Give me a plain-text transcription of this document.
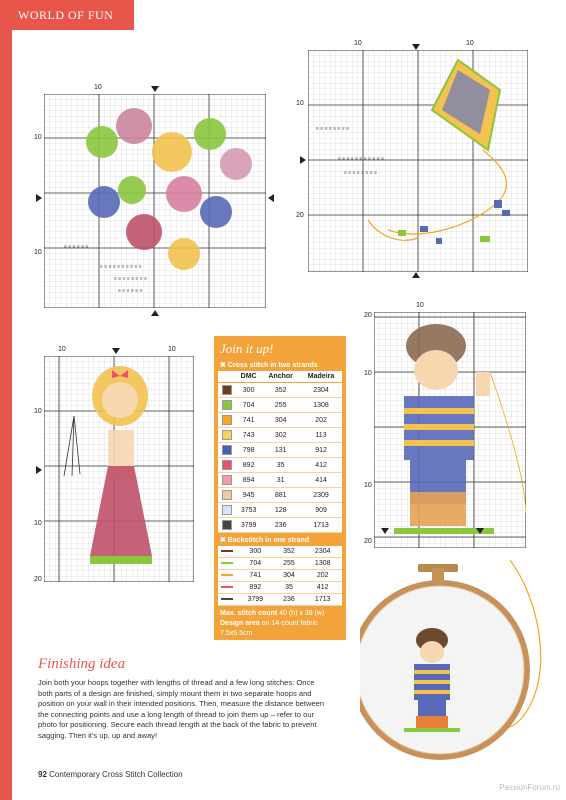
WORLD OF FUN
≡ ≡ ≡ ≡ ≡ ≡
≡ ≡ ≡ ≡ ≡ ≡ ≡ ≡ ≡ ≡
≡ ≡ ≡ ≡ ≡ ≡ ≡ ≡
≡ ≡ ≡ ≡ ≡ ≡
10
10
10
≡ ≡ ≡ ≡ ≡ ≡ ≡ ≡
≡ ≡ ≡ ≡ ≡ ≡ ≡ ≡ ≡ ≡ ≡
≡ ≡ ≡ ≡ ≡ ≡ ≡ ≡
10	10
10
20
10	10
10
10
20
Join it up!
✖ Cross stitch in two strands
	DMC	Anchor	Madeira
	300	352	2304
	704	255	1308
	741	304	202
	743	302	113
	798	131	912
	892	35	412
	894	31	414
	945	881	2309
	3753	128	909
	3799	236	1713
✖ Backstitch in one strand
	300	352	2304
	704	255	1308
	741	304	202
	892	35	412
	3799	236	1713
Max. stitch count 40 (h) x 36 (w)
Design area on 14-count fabric
7.5x6.5cm
(2¾x2½in)
10
20
10
10
20
Finishing idea
Join both your hoops together with lengths of thread and a few long stitches: Once both parts of a design are finished, simply mount them in two separate hoops and position on your wall in their intended positions. Then, measure the distance between the connecting points and use a long length of thread to join them up – refer to our photo for positioning. Secure each thread length at the back of the fabric to prevent sagging. Then it's up, up and away!
92 Contemporary Cross Stitch Collection
PassionForum.ru
